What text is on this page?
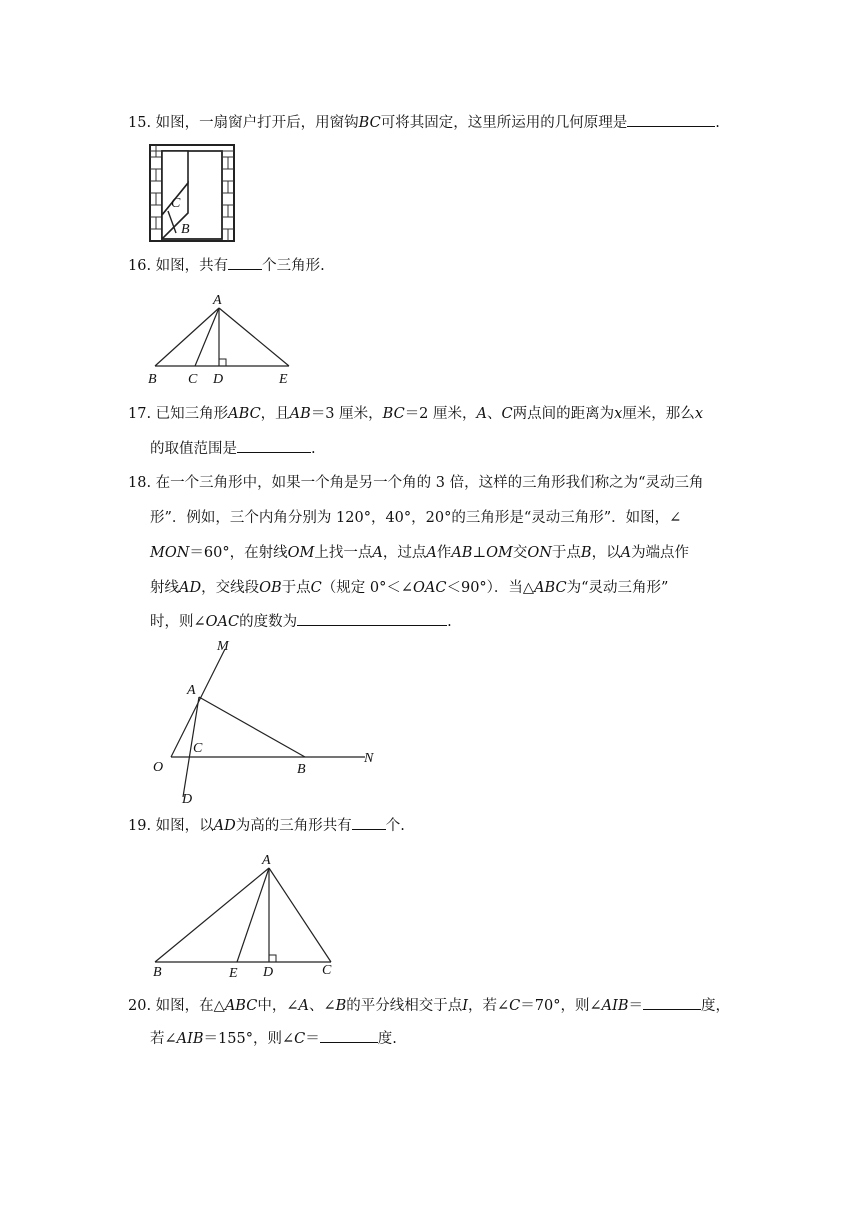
15. 如图，一扇窗户打开后，用窗钩BC可将其固定，这里所运用的几何原理是	.
C
B
16. 如图，共有 个三角形.
A
B C D	E
17. 已知三角形ABC，且AB＝3 厘米，BC＝2 厘米，A、C两点间的距离为x厘米，那么x
的取值范围是	.
18. 在一个三角形中，如果一个角是另一个角的 3 倍，这样的三角形我们称之为“灵动三角
形”．例如，三个内角分别为 120°，40°，20°的三角形是“灵动三角形”．如图，∠
MON＝60°，在射线OM上找一点A，过点A作AB⊥OM交ON于点B，以A为端点作
射线AD，交线段OB于点C（规定 0°＜∠OAC＜90°）．当△ABC为“灵动三角形”
时，则∠OAC的度数为	.
M
A
C
O	B
N
D
19. 如图，以AD为高的三角形共有 个.
A
B	E D	C
20. 如图，在△ABC中，∠A、∠B的平分线相交于点I，若∠C＝70°，则∠AIB＝	度，
若∠AIB＝155°，则∠C＝	度.
